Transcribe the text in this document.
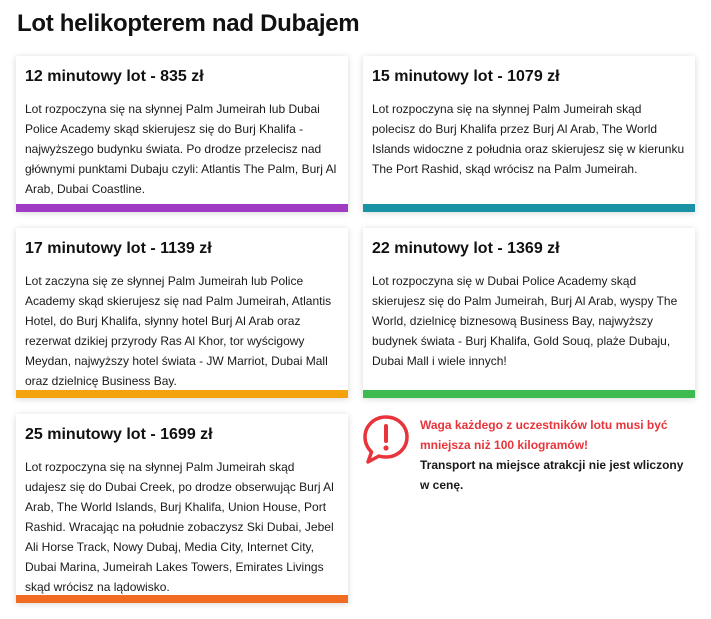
Lot helikopterem nad Dubajem

12 minutowy lot - 835 zł

Lot rozpoczyna się na słynnej Palm Jumeirah lub Dubai Police Academy skąd skierujesz się do Burj Khalifa - najwyższego budynku świata. Po drodze przelecisz nad głównymi punktami Dubaju czyli: Atlantis The Palm, Burj Al Arab, Dubai Coastline.

15 minutowy lot - 1079 zł

Lot rozpoczyna się na słynnej Palm Jumeirah skąd polecisz do Burj Khalifa przez Burj Al Arab, The World Islands widoczne z południa oraz skierujesz się w kierunku The Port Rashid, skąd wrócisz na Palm Jumeirah.

17 minutowy lot - 1139 zł

Lot zaczyna się ze słynnej Palm Jumeirah lub Police Academy skąd skierujesz się nad Palm Jumeirah, Atlantis Hotel, do Burj Khalifa, słynny hotel Burj Al Arab oraz rezerwat dzikiej przyrody Ras Al Khor, tor wyścigowy Meydan, najwyższy hotel świata - JW Marriot, Dubai Mall oraz dzielnicę Business Bay.

22 minutowy lot - 1369 zł

Lot rozpoczyna się w Dubai Police Academy skąd skierujesz się do Palm Jumeirah, Burj Al Arab, wyspy The World, dzielnicę biznesową Business Bay, najwyższy budynek świata - Burj Khalifa, Gold Souq, plaże Dubaju, Dubai Mall i wiele innych!

25 minutowy lot - 1699 zł

Lot rozpoczyna się na słynnej Palm Jumeirah skąd udajesz się do Dubai Creek, po drodze obserwując Burj Al Arab, The World Islands, Burj Khalifa, Union House, Port Rashid. Wracając na południe zobaczysz Ski Dubai, Jebel Ali Horse Track, Nowy Dubaj, Media City, Internet City, Dubai Marina, Jumeirah Lakes Towers, Emirates Livings skąd wrócisz na lądowisko.

Waga każdego z uczestników lotu musi być mniejsza niż 100 kilogramów!
Transport na miejsce atrakcji nie jest wliczony w cenę.
